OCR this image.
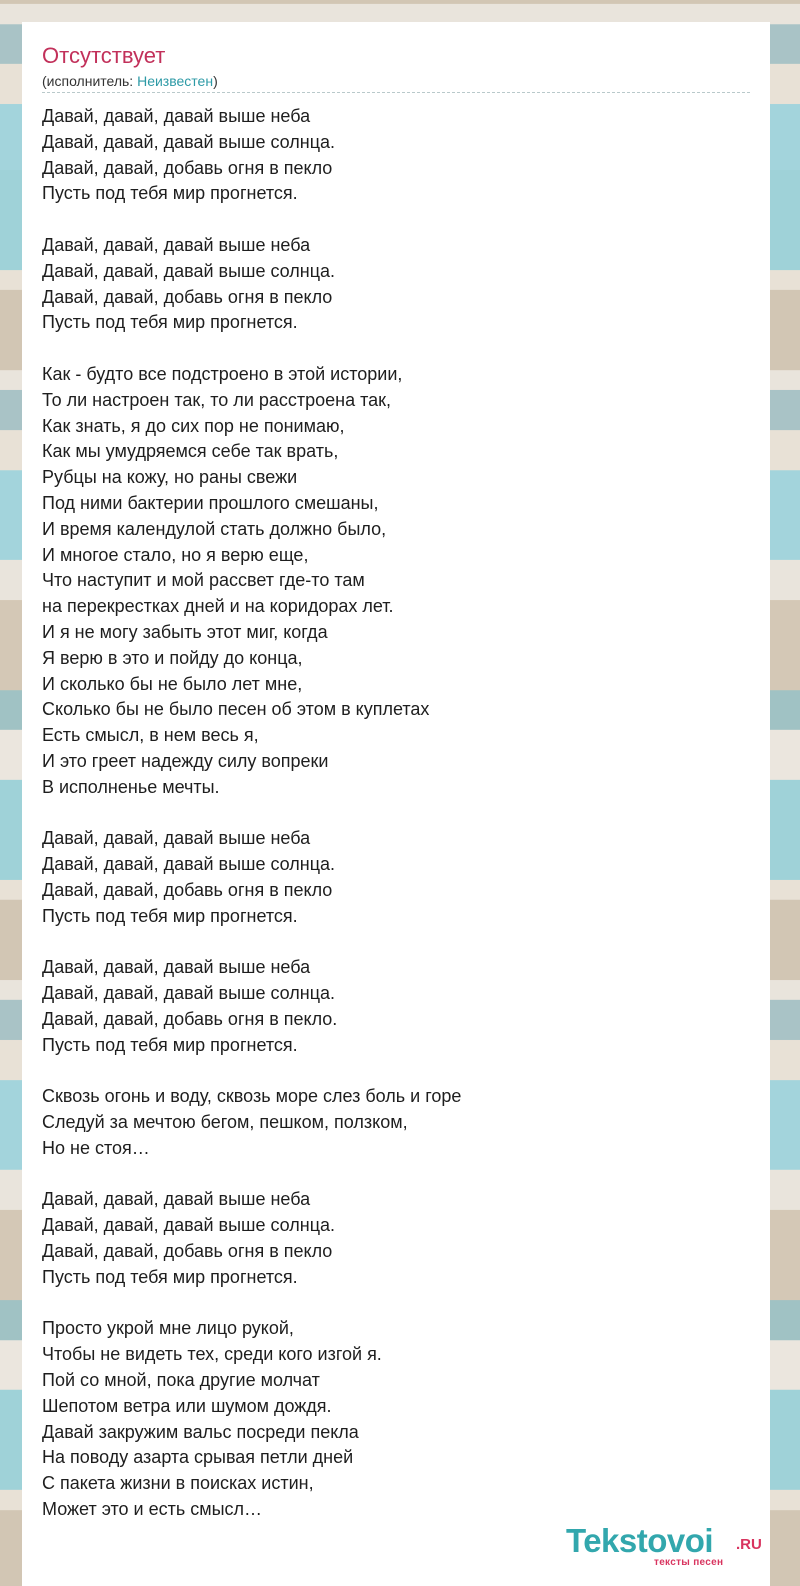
Отсутствует
(исполнитель: Неизвестен)
Давай, давай, давай выше неба
Давай, давай, давай выше солнца.
Давай, давай, добавь огня в пекло
Пусть под тебя мир прогнется.
Давай, давай, давай выше неба
Давай, давай, давай выше солнца.
Давай, давай, добавь огня в пекло
Пусть под тебя мир прогнется.
Как - будто все подстроено в этой истории,
То ли настроен так, то ли расстроена так,
Как знать, я до сих пор не понимаю,
Как мы умудряемся себе так врать,
Рубцы на кожу, но раны свежи
Под ними бактерии прошлого смешаны,
И время календулой стать должно было,
И многое стало, но я верю еще,
Что наступит и мой рассвет где-то там
на перекрестках дней и на коридорах лет.
И я не могу забыть этот миг, когда
Я верю в это и пойду до конца,
И сколько бы не было лет мне,
Сколько бы не было песен об этом в куплетах
Есть смысл, в нем весь я,
И это греет надежду силу вопреки
В исполненье мечты.
Давай, давай, давай выше неба
Давай, давай, давай выше солнца.
Давай, давай, добавь огня в пекло
Пусть под тебя мир прогнется.
Давай, давай, давай выше неба
Давай, давай, давай выше солнца.
Давай, давай, добавь огня в пекло.
Пусть под тебя мир прогнется.
Сквозь огонь и воду, сквозь море слез боль и горе
Следуй за мечтою бегом, пешком, ползком,
Но не стоя…
Давай, давай, давай выше неба
Давай, давай, давай выше солнца.
Давай, давай, добавь огня в пекло
Пусть под тебя мир прогнется.
Просто укрой мне лицо рукой,
Чтобы не видеть тех, среди кого изгой я.
Пой со мной, пока другие молчат
Шепотом ветра или шумом дождя.
Давай закружим вальс посреди пекла
На поводу азарта срывая петли дней
С пакета жизни в поисках истин,
Может это и есть смысл…
Tekstovoi .RU
тексты песен
